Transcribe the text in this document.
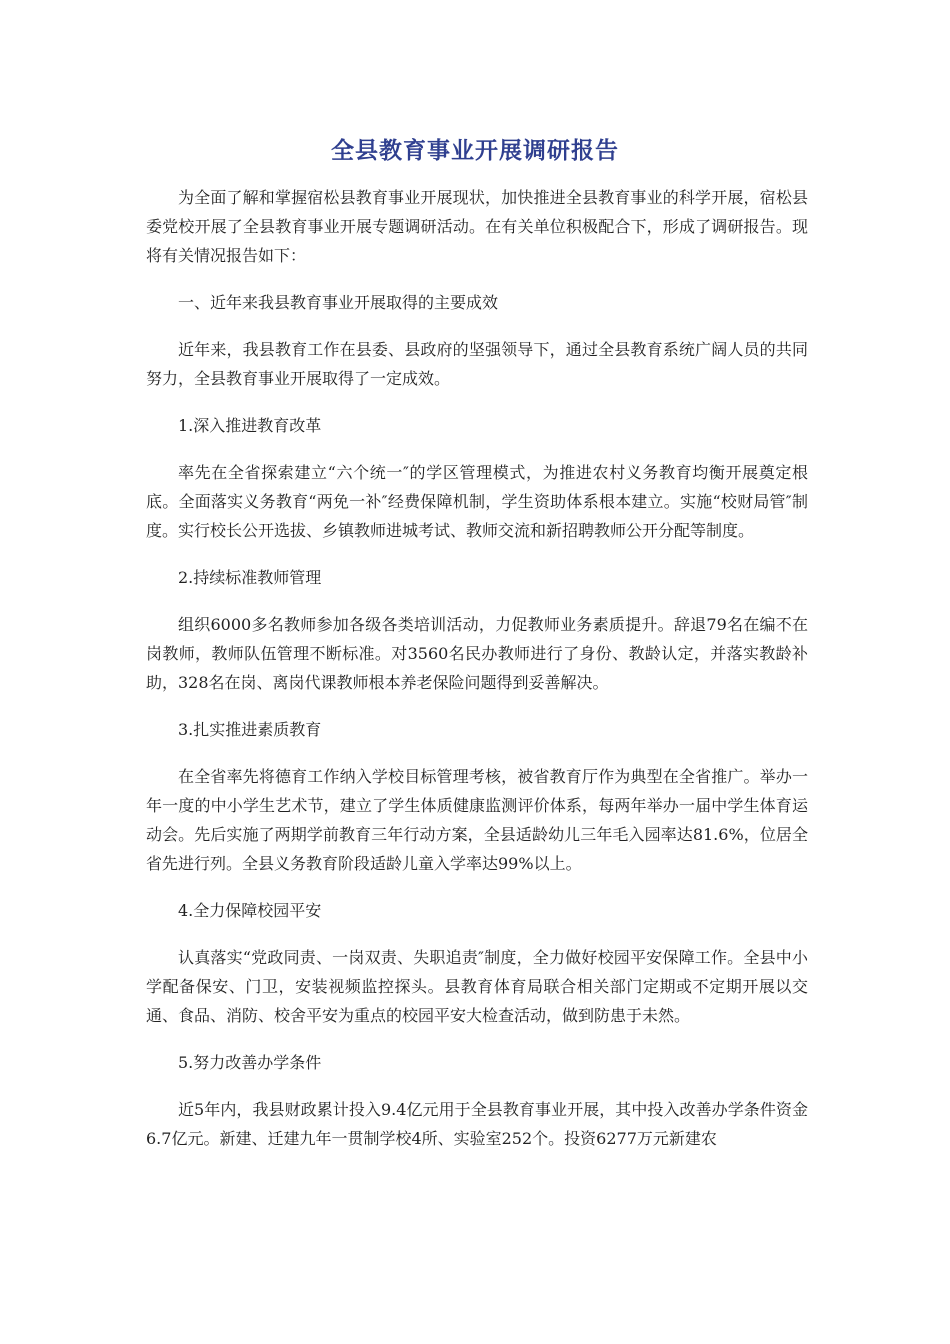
全县教育事业开展调研报告

为全面了解和掌握宿松县教育事业开展现状，加快推进全县教育事业的科学开展，宿松县委党校开展了全县教育事业开展专题调研活动。在有关单位积极配合下，形成了调研报告。现将有关情况报告如下：

一、近年来我县教育事业开展取得的主要成效

近年来，我县教育工作在县委、县政府的坚强领导下，通过全县教育系统广阔人员的共同努力，全县教育事业开展取得了一定成效。

1.深入推进教育改革

率先在全省探索建立“六个统一″的学区管理模式，为推进农村义务教育均衡开展奠定根底。全面落实义务教育“两免一补″经费保障机制，学生资助体系根本建立。实施“校财局管″制度。实行校长公开选拔、乡镇教师进城考试、教师交流和新招聘教师公开分配等制度。

2.持续标准教师管理

组织6000多名教师参加各级各类培训活动，力促教师业务素质提升。辞退79名在编不在岗教师，教师队伍管理不断标准。对3560名民办教师进行了身份、教龄认定，并落实教龄补助，328名在岗、离岗代课教师根本养老保险问题得到妥善解决。

3.扎实推进素质教育

在全省率先将德育工作纳入学校目标管理考核，被省教育厅作为典型在全省推广。举办一年一度的中小学生艺术节，建立了学生体质健康监测评价体系，每两年举办一届中学生体育运动会。先后实施了两期学前教育三年行动方案，全县适龄幼儿三年毛入园率达81.6%，位居全省先进行列。全县义务教育阶段适龄儿童入学率达99%以上。

4.全力保障校园平安

认真落实“党政同责、一岗双责、失职追责″制度，全力做好校园平安保障工作。全县中小学配备保安、门卫，安装视频监控探头。县教育体育局联合相关部门定期或不定期开展以交通、食品、消防、校舍平安为重点的校园平安大检查活动，做到防患于未然。

5.努力改善办学条件

近5年内，我县财政累计投入9.4亿元用于全县教育事业开展，其中投入改善办学条件资金6.7亿元。新建、迁建九年一贯制学校4所、实验室252个。投资6277万元新建农
